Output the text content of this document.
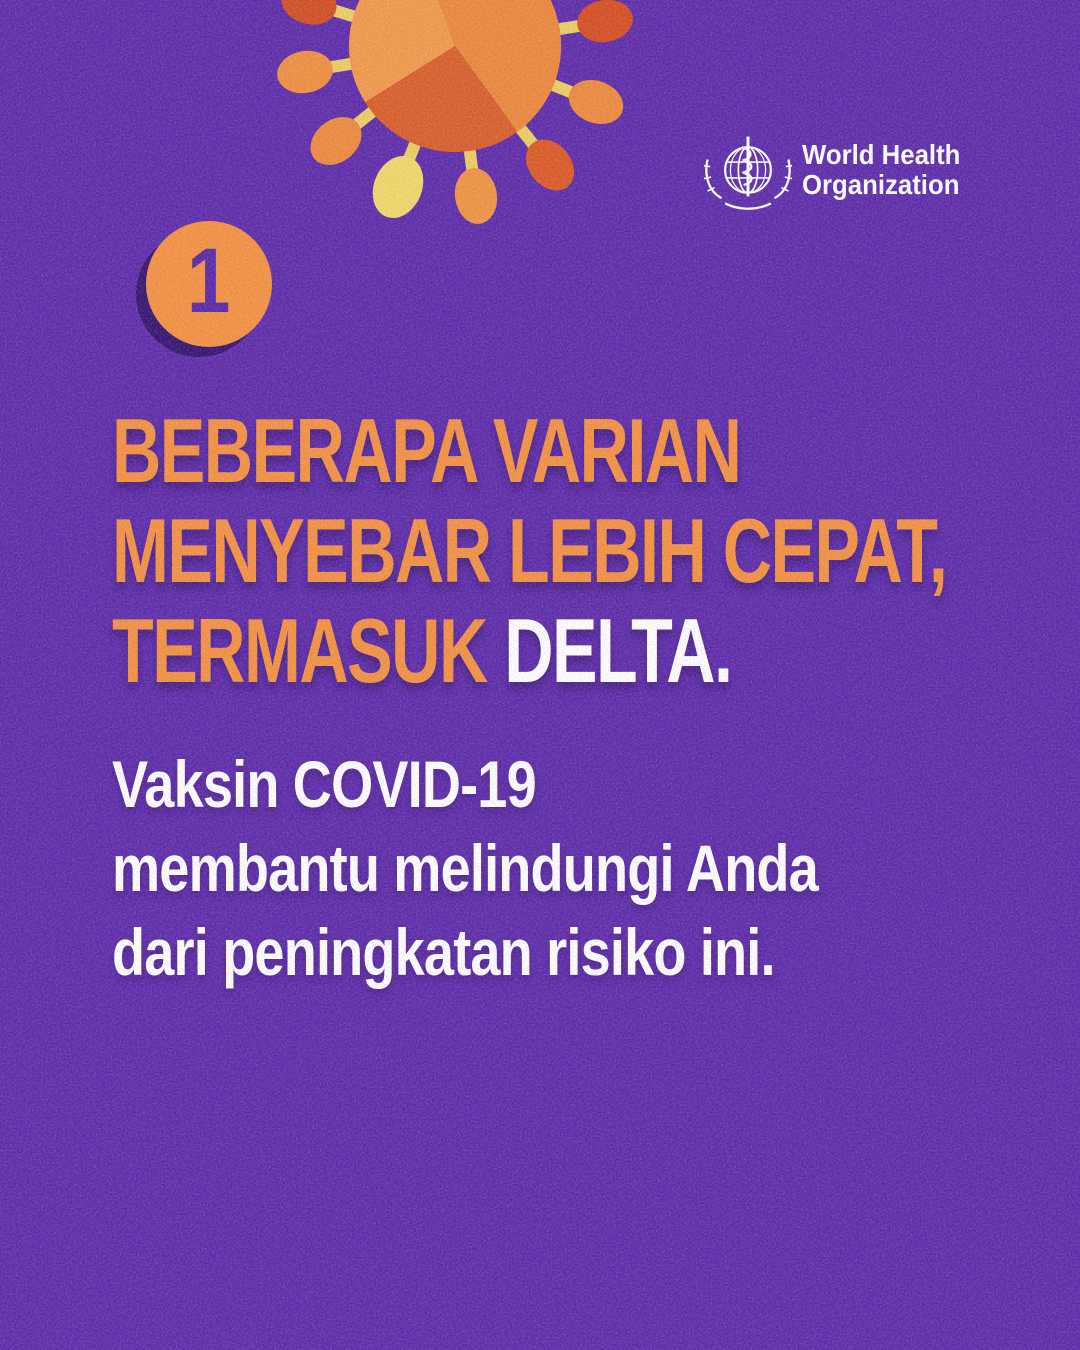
World Health
Organization
1
BEBERAPA VARIAN
MENYEBAR LEBIH CEPAT,
TERMASUK DELTA.
Vaksin COVID-19
membantu melindungi Anda
dari peningkatan risiko ini.
